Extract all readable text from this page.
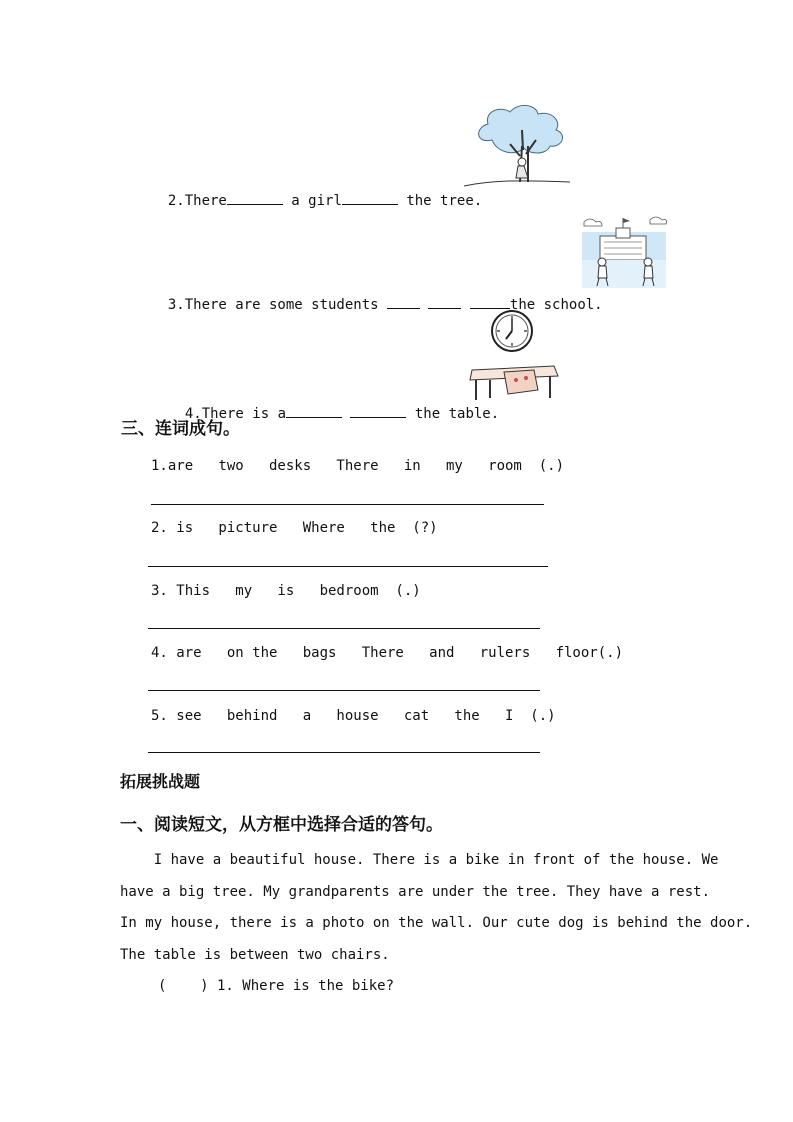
2.There	a girl	the tree.

3.There are some students	the school.

4.There is a	the table.

三、连词成句。
1.are   two   desks   There   in   my   room  (.)
2. is   picture   Where   the  (?)
3. This   my   is   bedroom  (.)
4. are   on the   bags   There   and   rulers   floor(.)
5. see   behind   a   house   cat   the   I  (.)
拓展挑战题
一、阅读短文，从方框中选择合适的答句。
I have a beautiful house. There is a bike in front of the house. We
have a big tree. My grandparents are under the tree. They have a rest.
In my house, there is a photo on the wall. Our cute dog is behind the door.
The table is between two chairs.
(    ) 1. Where is the bike?
